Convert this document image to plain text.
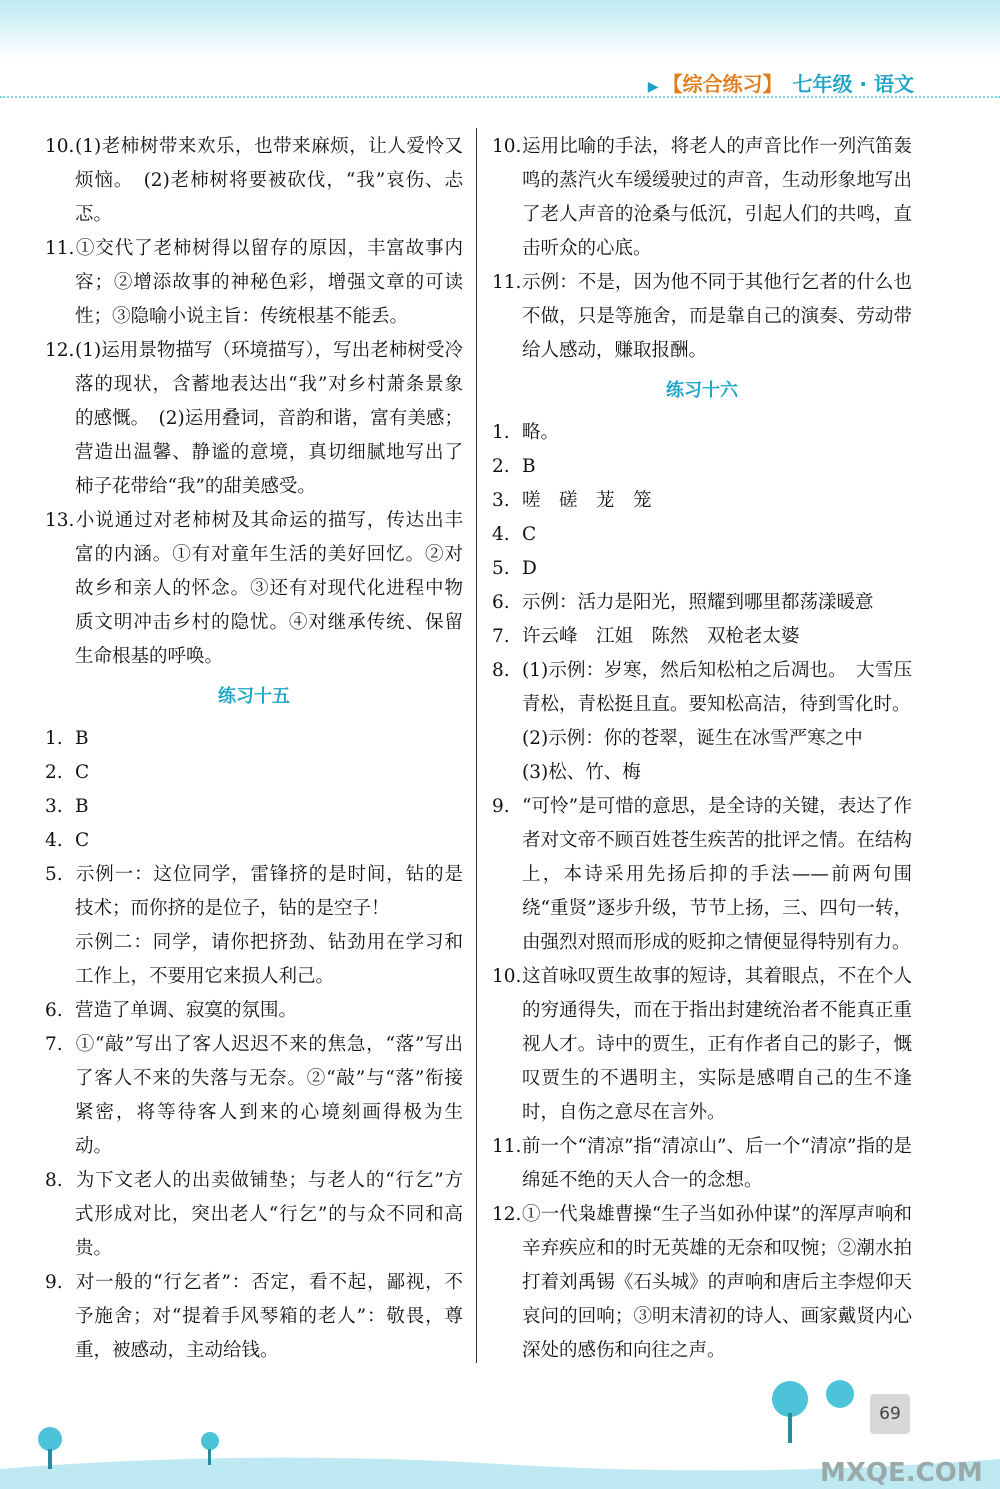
▶ 【综合练习】 七年级 · 语文
10.(1)老柿树带来欢乐，也带来麻烦，让人爱怜又烦恼。　(2)老柿树将要被砍伐，“我”哀伤、忐忑。
11.①交代了老柿树得以留存的原因，丰富故事内容；②增添故事的神秘色彩，增强文章的可读性；③隐喻小说主旨：传统根基不能丢。
12.(1)运用景物描写（环境描写），写出老柿树受冷落的现状，含蓄地表达出“我”对乡村萧条景象的感慨。　(2)运用叠词，音韵和谐，富有美感；营造出温馨、静谧的意境，真切细腻地写出了柿子花带给“我”的甜美感受。
13.小说通过对老柿树及其命运的描写，传达出丰富的内涵。①有对童年生活的美好回忆。②对故乡和亲人的怀念。③还有对现代化进程中物质文明冲击乡村的隐忧。④对继承传统、保留生命根基的呼唤。
练习十五
1. B
2. C
3. B
4. C
5. 示例一：这位同学，雷锋挤的是时间，钻的是技术；而你挤的是位子，钻的是空子！
示例二：同学，请你把挤劲、钻劲用在学习和工作上，不要用它来损人利己。
6. 营造了单调、寂寞的氛围。
7. ①“敲”写出了客人迟迟不来的焦急，“落”写出了客人不来的失落与无奈。②“敲”与“落”衔接紧密，将等待客人到来的心境刻画得极为生动。
8. 为下文老人的出卖做铺垫；与老人的“行乞”方式形成对比，突出老人“行乞”的与众不同和高贵。
9. 对一般的“行乞者”：否定，看不起，鄙视，不予施舍；对“提着手风琴箱的老人”：敬畏，尊重，被感动，主动给钱。
10.运用比喻的手法，将老人的声音比作一列汽笛轰鸣的蒸汽火车缓缓驶过的声音，生动形象地写出了老人声音的沧桑与低沉，引起人们的共鸣，直击听众的心底。
11.示例：不是，因为他不同于其他行乞者的什么也不做，只是等施舍，而是靠自己的演奏、劳动带给人感动，赚取报酬。
练习十六
1. 略。
2. B
3. 嗟　磋　茏　笼
4. C
5. D
6. 示例：活力是阳光，照耀到哪里都荡漾暖意
7. 许云峰　江姐　陈然　双枪老太婆
8. (1)示例：岁寒，然后知松柏之后凋也。　大雪压青松，青松挺且直。要知松高洁，待到雪化时。
(2)示例：你的苍翠，诞生在冰雪严寒之中
(3)松、竹、梅
9. “可怜”是可惜的意思，是全诗的关键，表达了作者对文帝不顾百姓苍生疾苦的批评之情。在结构上，本诗采用先扬后抑的手法——前两句围绕“重贤”逐步升级，节节上扬，三、四句一转，由强烈对照而形成的贬抑之情便显得特别有力。
10.这首咏叹贾生故事的短诗，其着眼点，不在个人的穷通得失，而在于指出封建统治者不能真正重视人才。诗中的贾生，正有作者自己的影子，慨叹贾生的不遇明主，实际是感喟自己的生不逢时，自伤之意尽在言外。
11.前一个“清凉”指“清凉山”、后一个“清凉”指的是绵延不绝的天人合一的念想。
12.①一代枭雄曹操“生子当如孙仲谋”的浑厚声响和辛弃疾应和的时无英雄的无奈和叹惋；②潮水拍打着刘禹锡《石头城》的声响和唐后主李煜仰天哀问的回响；③明末清初的诗人、画家戴贤内心深处的感伤和向往之声。
69
MXQE.COM
